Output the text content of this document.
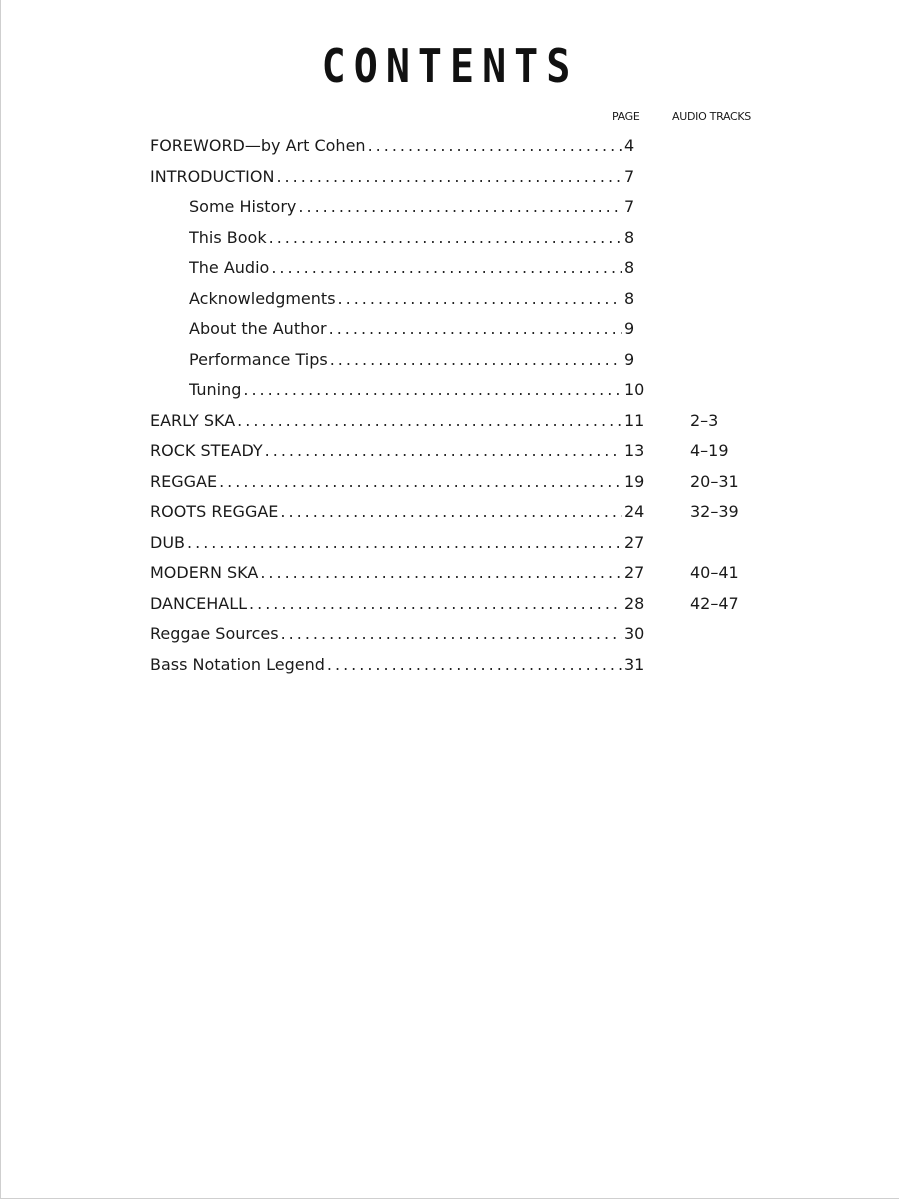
CONTENTS
PAGE	AUDIO TRACKS
FOREWORD—by Art Cohen .....	4
INTRODUCTION .....	7
Some History .....	7
This Book .....	8
The Audio .....	8
Acknowledgments .....	8
About the Author .....	9
Performance Tips .....	9
Tuning .....	10
EARLY SKA .....	11	2–3
ROCK STEADY .....	13	4–19
REGGAE .....	19	20–31
ROOTS REGGAE .....	24	32–39
DUB .....	27
MODERN SKA .....	27	40–41
DANCEHALL .....	28	42–47
Reggae Sources .....	30
Bass Notation Legend .....	31
